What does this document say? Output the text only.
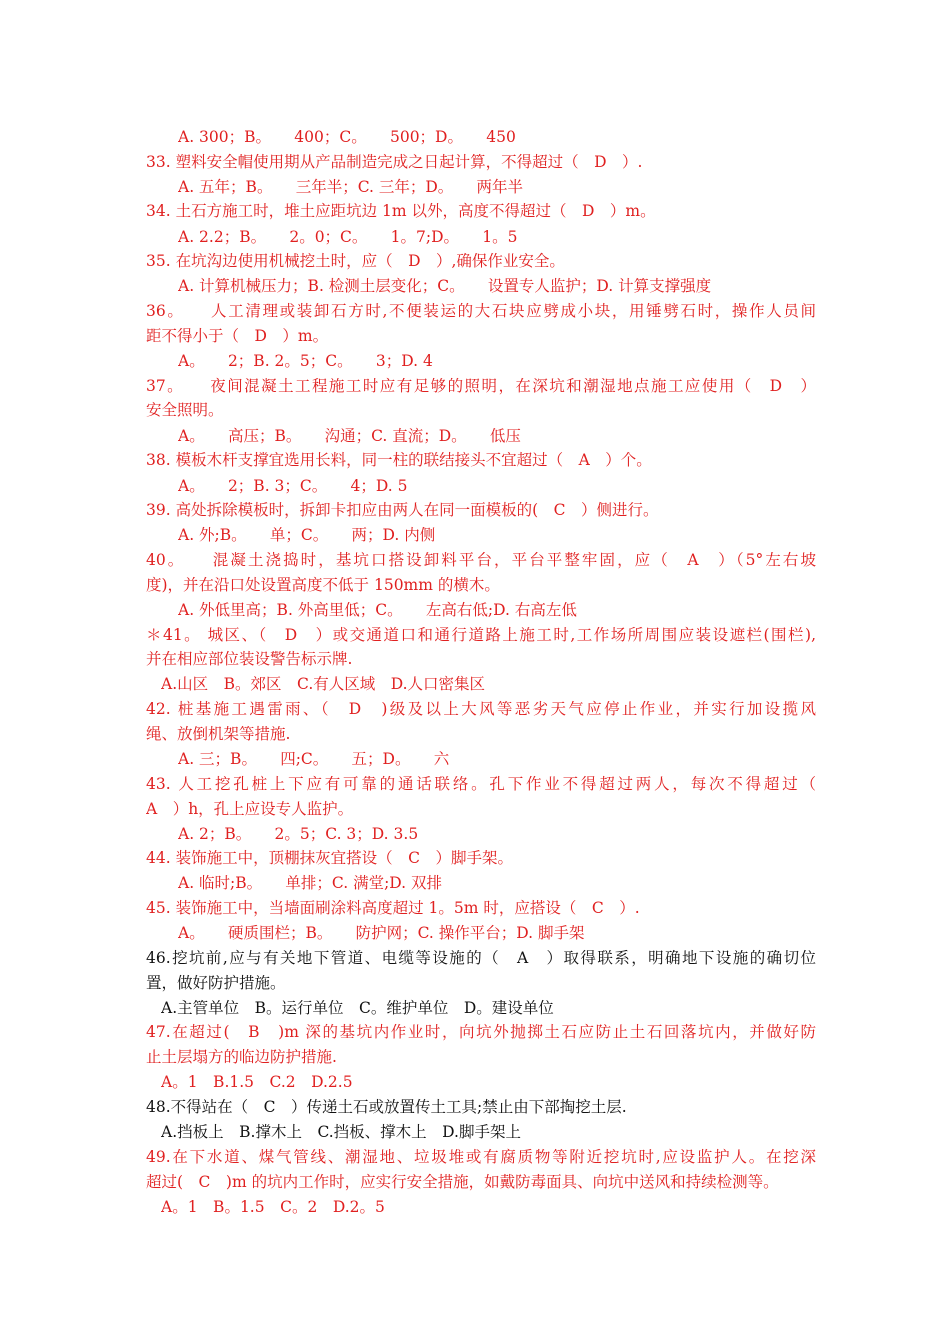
A. 300；B。　　400；C。　　500；D。　　450
33. 塑料安全帽使用期从产品制造完成之日起计算，不得超过（　D　）.
A. 五年；B。　　三年半；C. 三年；D。　　两年半
34. 土石方施工时，堆土应距坑边 1m 以外，高度不得超过（　D　）m。
A. 2.2；B。　　2。0；C。　　1。7;D。　　1。5
35. 在坑沟边使用机械挖土时，应（　D　）,确保作业安全。
A. 计算机械压力；B. 检测土层变化；C。　　设置专人监护；D. 计算支撑强度
36。　　人工清理或装卸石方时,不便装运的大石块应劈成小块，用锤劈石时，操作人员间
距不得小于（　D　）m。
A。　　2；B. 2。5；C。　　3；D. 4
37。　　夜间混凝土工程施工时应有足够的照明，在深坑和潮湿地点施工应使用（　D　）
安全照明。
A。　　高压；B。　　沟通；C. 直流；D。　　低压
38. 模板木杆支撑宜选用长料，同一柱的联结接头不宜超过（　A　）个。
A。　　2；B. 3；C。　　4；D. 5
39. 高处拆除模板时，拆卸卡扣应由两人在同一面模板的(　C　）侧进行。
A. 外;B。　　单；C。　　两；D. 内侧
40。　　混凝土浇捣时，基坑口搭设卸料平台，平台平整牢固，应（　A　）（5°左右坡
度)，并在沿口处设置高度不低于 150mm 的横木。
A. 外低里高；B. 外高里低；C。　　左高右低;D. 右高左低
＊41。 城区、（　D　）或交通道口和通行道路上施工时,工作场所周围应装设遮栏(围栏),
并在相应部位装设警告标示牌.
A.山区　B。郊区　C.有人区域　D.人口密集区
42. 桩基施工遇雷雨、（　D　)级及以上大风等恶劣天气应停止作业，并实行加设揽风
绳、放倒机架等措施.
A. 三；B。　　四;C。　　五；D。　　六
43. 人工挖孔桩上下应有可靠的通话联络。孔下作业不得超过两人，每次不得超过（
A　）h，孔上应设专人监护。
A. 2；B。　　2。5；C. 3；D. 3.5
44. 装饰施工中，顶棚抹灰宜搭设（　C　）脚手架。
A. 临时;B。　　单排；C. 满堂;D. 双排
45. 装饰施工中，当墙面刷涂料高度超过 1。5m 时，应搭设（　C　）.
A。　　硬质围栏；B。　　防护网；C. 操作平台；D. 脚手架
46.挖坑前,应与有关地下管道、电缆等设施的（　A　）取得联系，明确地下设施的确切位
置，做好防护措施。
A.主管单位　B。运行单位　C。维护单位　D。建设单位
47.在超过(　B　)m 深的基坑内作业时，向坑外抛掷土石应防止土石回落坑内，并做好防
止土层塌方的临边防护措施.
A。1　B.1.5　C.2　D.2.5
48.不得站在（　C　）传递土石或放置传土工具;禁止由下部掏挖土层.
A.挡板上　B.撑木上　C.挡板、撑木上　D.脚手架上
49.在下水道、煤气管线、潮湿地、垃圾堆或有腐质物等附近挖坑时,应设监护人。在挖深
超过(　C　)m 的坑内工作时，应实行安全措施，如戴防毒面具、向坑中送风和持续检测等。
A。1　B。1.5　C。2　D.2。5
